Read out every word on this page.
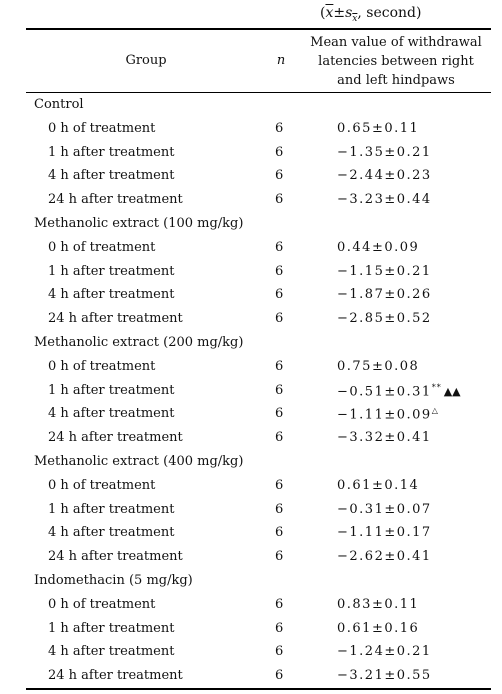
($\overline{x}\pm s_{\overline{x}}$, second)
Group	n
Mean value of withdrawal
latencies between right
and left hindpaws
Control
0 h of treatment	6	0.65±0.11
1 h after treatment	6	−1.35±0.21
4 h after treatment	6	−2.44±0.23
24 h after treatment	6	−3.23±0.44
Methanolic extract (100 mg/kg)
0 h of treatment	6	0.44±0.09
1 h after treatment	6	−1.15±0.21
4 h after treatment	6	−1.87±0.26
24 h after treatment	6	−2.85±0.52
Methanolic extract (200 mg/kg)
0 h of treatment	6	0.75±0.08
1 h after treatment	6	−0.51±0.31** ▲▲
4 h after treatment	6	−1.11±0.09△
24 h after treatment	6	−3.32±0.41
Methanolic extract (400 mg/kg)
0 h of treatment	6	0.61±0.14
1 h after treatment	6	−0.31±0.07
4 h after treatment	6	−1.11±0.17
24 h after treatment	6	−2.62±0.41
Indomethacin (5 mg/kg)
0 h of treatment	6	0.83±0.11
1 h after treatment	6	0.61±0.16
4 h after treatment	6	−1.24±0.21
24 h after treatment	6	−3.21±0.55
